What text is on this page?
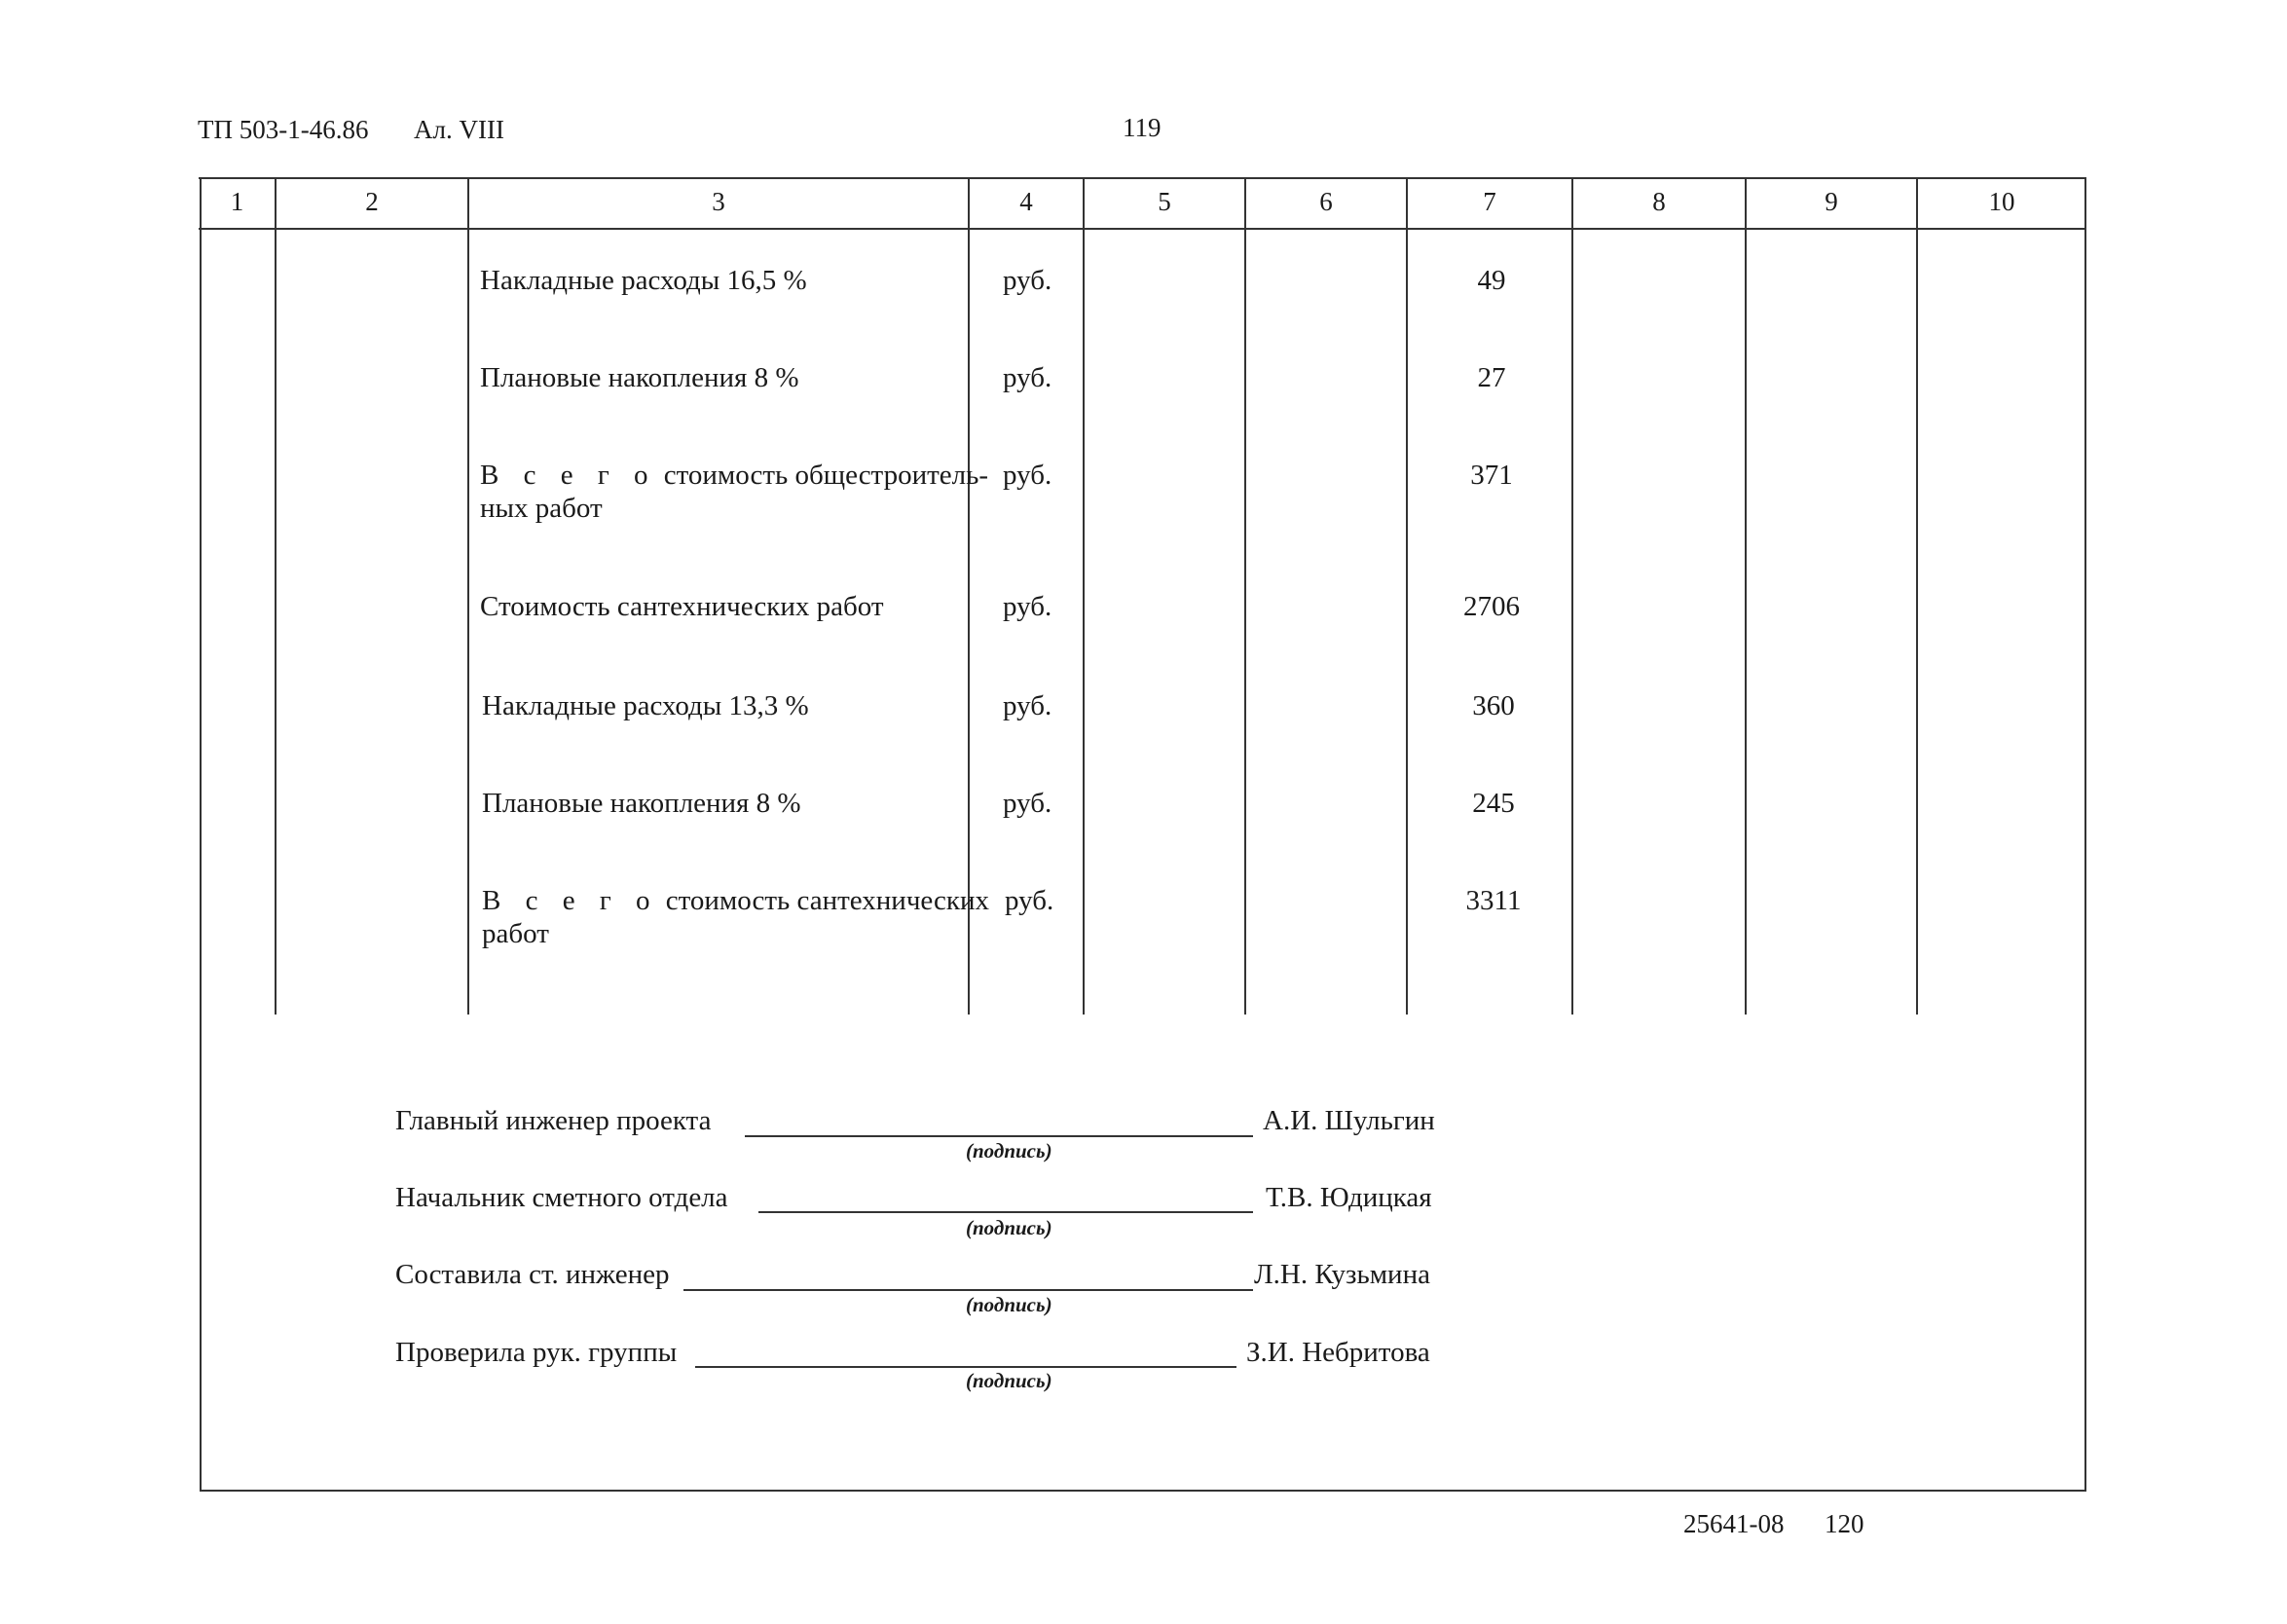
ТП 503-1-46.86 Ал. VIII	119
1	2	3	4	5	6	7	8	9	10
Накладные расходы 16,5 %	руб.	49
Плановые накопления 8 %	руб.	27
В с е г о стоимость общестроитель-
ных работ
руб.	371
Стоимость сантехнических работ	руб.	2706
Накладные расходы 13,3 %	руб.	360
Плановые накопления 8 %	руб.	245
В с е г о стоимость сантехнических
работ
руб.	3311
Главный инженер проекта
(подпись)
А.И. Шульгин
Начальник сметного отдела
(подпись)
Т.В. Юдицкая
Составила ст. инженер
(подпись)
Л.Н. Кузьмина
Проверила рук. группы
(подпись)
З.И. Небритова
25641-08 120
